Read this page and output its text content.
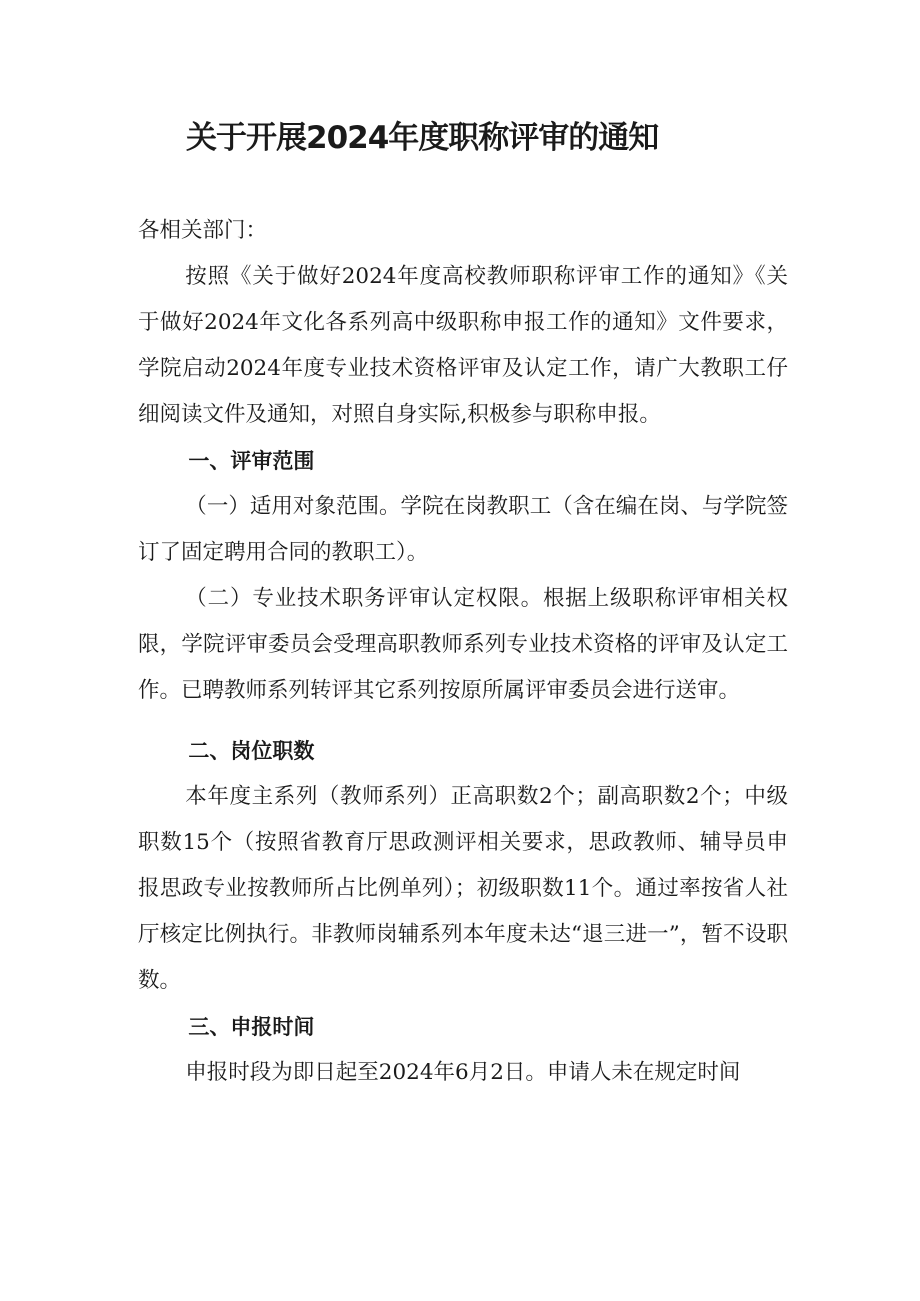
关于开展2024年度职称评审的通知

各相关部门：

按照《关于做好2024年度高校教师职称评审工作的通知》《关于做好2024年文化各系列高中级职称申报工作的通知》文件要求，学院启动2024年度专业技术资格评审及认定工作，请广大教职工仔细阅读文件及通知，对照自身实际,积极参与职称申报。

一、评审范围

（一）适用对象范围。学院在岗教职工（含在编在岗、与学院签订了固定聘用合同的教职工）。

（二）专业技术职务评审认定权限。根据上级职称评审相关权限，学院评审委员会受理高职教师系列专业技术资格的评审及认定工作。已聘教师系列转评其它系列按原所属评审委员会进行送审。

二、岗位职数

本年度主系列（教师系列）正高职数2个；副高职数2个；中级职数15个（按照省教育厅思政测评相关要求，思政教师、辅导员申报思政专业按教师所占比例单列）；初级职数11个。通过率按省人社厅核定比例执行。非教师岗辅系列本年度未达“退三进一”，暂不设职数。

三、申报时间

申报时段为即日起至2024年6月2日。申请人未在规定时间
